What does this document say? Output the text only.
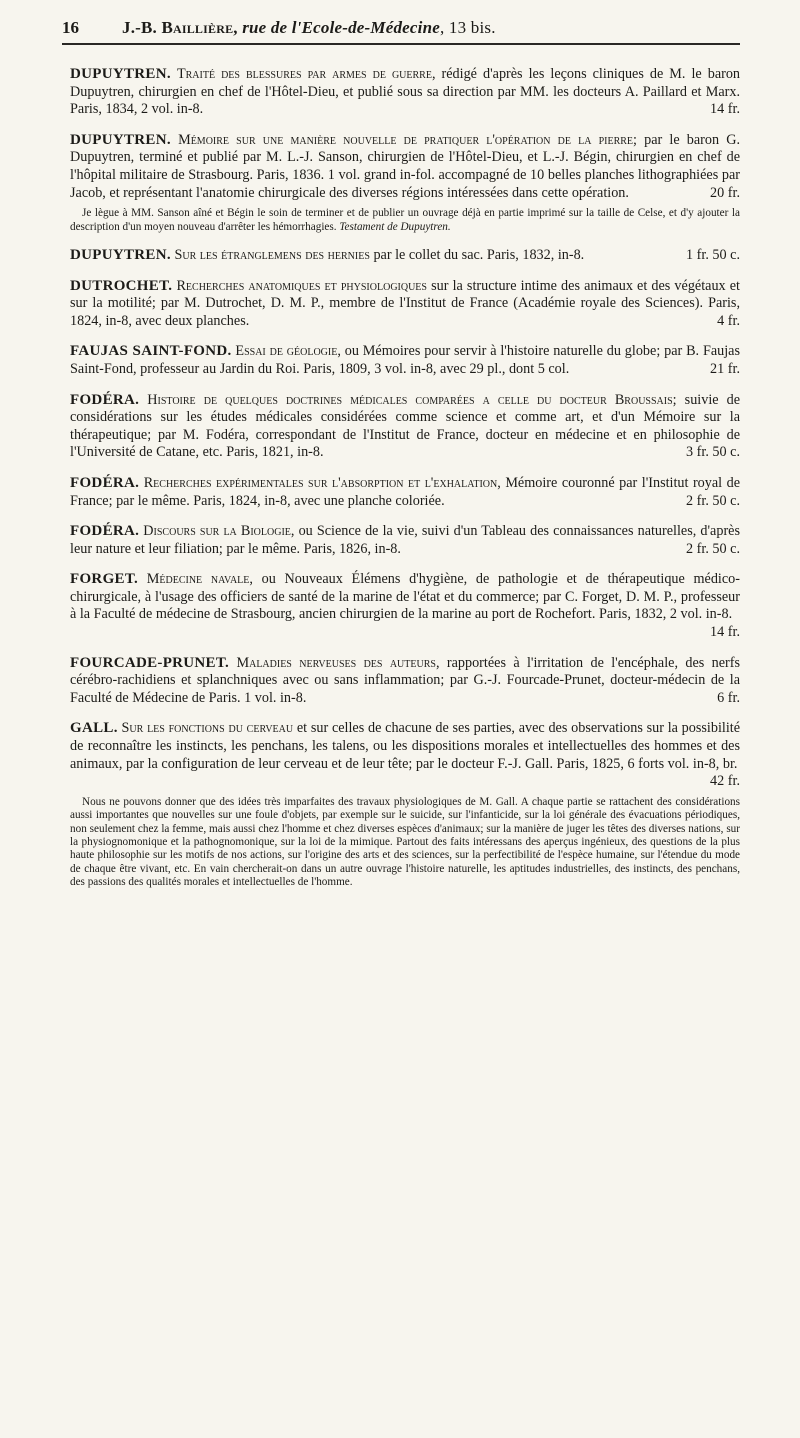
16	J.-B. Baillière, rue de l'Ecole-de-Médecine, 13 bis.
DUPUYTREN. Traité des blessures par armes de guerre, rédigé d'après les leçons cliniques de M. le baron Dupuytren, chirurgien en chef de l'Hôtel-Dieu, et publié sous sa direction par MM. les docteurs A. Paillard et Marx. Paris, 1834, 2 vol. in-8.	14 fr.
DUPUYTREN. Mémoire sur une manière nouvelle de pratiquer l'opération de la pierre; par le baron G. Dupuytren, terminé et publié par M. L.-J. Sanson, chirurgien de l'Hôtel-Dieu, et L.-J. Bégin, chirurgien en chef de l'hôpital militaire de Strasbourg. Paris, 1836. 1 vol. grand in-fol. accompagné de 10 belles planches lithographiées par Jacob, et représentant l'anatomie chirurgicale des diverses régions intéressées dans cette opération.	20 fr.
Je lègue à MM. Sanson aîné et Bégin le soin de terminer et de publier un ouvrage déjà en partie imprimé sur la taille de Celse, et d'y ajouter la description d'un moyen nouveau d'arrêter les hémorrhagies. Testament de Dupuytren.
DUPUYTREN. Sur les étranglemens des hernies par le collet du sac. Paris, 1832, in-8.	1 fr. 50 c.
DUTROCHET. Recherches anatomiques et physiologiques sur la structure intime des animaux et des végétaux et sur la motilité; par M. Dutrochet, D. M. P., membre de l'Institut de France (Académie royale des Sciences). Paris, 1824, in-8, avec deux planches.	4 fr.
FAUJAS SAINT-FOND. Essai de géologie, ou Mémoires pour servir à l'histoire naturelle du globe; par B. Faujas Saint-Fond, professeur au Jardin du Roi. Paris, 1809, 3 vol. in-8, avec 29 pl., dont 5 col.	21 fr.
FODÉRA. Histoire de quelques doctrines médicales comparées a celle du docteur Broussais; suivie de considérations sur les études médicales considérées comme science et comme art, et d'un Mémoire sur la thérapeutique; par M. Fodéra, correspondant de l'Institut de France, docteur en médecine et en philosophie de l'Université de Catane, etc. Paris, 1821, in-8.	3 fr. 50 c.
FODÉRA. Recherches expérimentales sur l'absorption et l'exhalation, Mémoire couronné par l'Institut royal de France; par le même. Paris, 1824, in-8, avec une planche coloriée.	2 fr. 50 c.
FODÉRA. Discours sur la Biologie, ou Science de la vie, suivi d'un Tableau des connaissances naturelles, d'après leur nature et leur filiation; par le même. Paris, 1826, in-8.	2 fr. 50 c.
FORGET. Médecine navale, ou Nouveaux Élémens d'hygiène, de pathologie et de thérapeutique médico-chirurgicale, à l'usage des officiers de santé de la marine de l'état et du commerce; par C. Forget, D. M. P., professeur à la Faculté de médecine de Strasbourg, ancien chirurgien de la marine au port de Rochefort. Paris, 1832, 2 vol. in-8.
14 fr.
FOURCADE-PRUNET. Maladies nerveuses des auteurs, rapportées à l'irritation de l'encéphale, des nerfs cérébro-rachidiens et splanchniques avec ou sans inflammation; par G.-J. Fourcade-Prunet, docteur-médecin de la Faculté de Médecine de Paris. 1 vol. in-8.	6 fr.
GALL. Sur les fonctions du cerveau et sur celles de chacune de ses parties, avec des observations sur la possibilité de reconnaître les instincts, les penchans, les talens, ou les dispositions morales et intellectuelles des hommes et des animaux, par la configuration de leur cerveau et de leur tête; par le docteur F.-J. Gall. Paris, 1825, 6 forts vol. in-8, br.
42 fr.
Nous ne pouvons donner que des idées très imparfaites des travaux physiologiques de M. Gall. A chaque partie se rattachent des considérations aussi importantes que nouvelles sur une foule d'objets, par exemple sur le suicide, sur l'infanticide, sur la loi générale des évacuations périodiques, non seulement chez la femme, mais aussi chez l'homme et chez diverses espèces d'animaux; sur la manière de juger les têtes des diverses nations, sur la physiognomonique et la pathognomonique, sur la loi de la mimique. Partout des faits intéressans des aperçus ingénieux, des questions de la plus haute philosophie sur les motifs de nos actions, sur l'origine des arts et des sciences, sur la perfectibilité de l'espèce humaine, sur l'étendue du mode de chaque être vivant, etc. En vain chercherait-on dans un autre ouvrage l'histoire naturelle, les aptitudes industrielles, des instincts, des penchans, des passions des qualités morales et intellectuelles de l'homme.
